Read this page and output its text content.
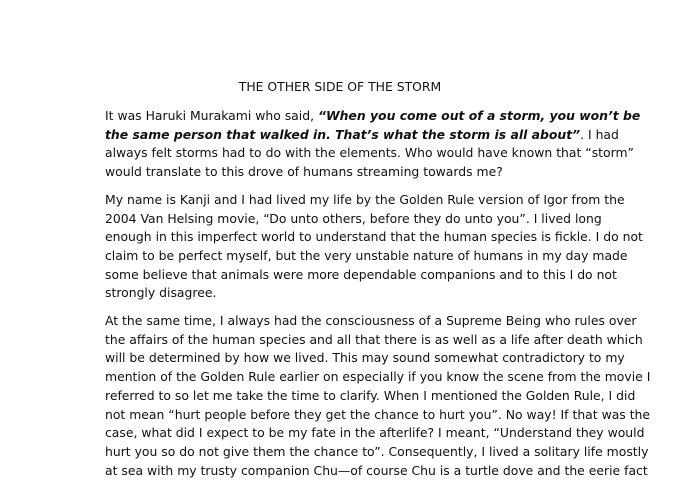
THE OTHER SIDE OF THE STORM

It was Haruki Murakami who said, “When you come out of a storm, you won’t be
the same person that walked in. That’s what the storm is all about”. I had
always felt storms had to do with the elements. Who would have known that “storm”
would translate to this drove of humans streaming towards me?

My name is Kanji and I had lived my life by the Golden Rule version of Igor from the
2004 Van Helsing movie, “Do unto others, before they do unto you”. I lived long
enough in this imperfect world to understand that the human species is fickle. I do not
claim to be perfect myself, but the very unstable nature of humans in my day made
some believe that animals were more dependable companions and to this I do not
strongly disagree.

At the same time, I always had the consciousness of a Supreme Being who rules over
the affairs of the human species and all that there is as well as a life after death which
will be determined by how we lived. This may sound somewhat contradictory to my
mention of the Golden Rule earlier on especially if you know the scene from the movie I
referred to so let me take the time to clarify. When I mentioned the Golden Rule, I did
not mean “hurt people before they get the chance to hurt you”. No way! If that was the
case, what did I expect to be my fate in the afterlife? I meant, “Understand they would
hurt you so do not give them the chance to”. Consequently, I lived a solitary life mostly
at sea with my trusty companion Chu—of course Chu is a turtle dove and the eerie fact
